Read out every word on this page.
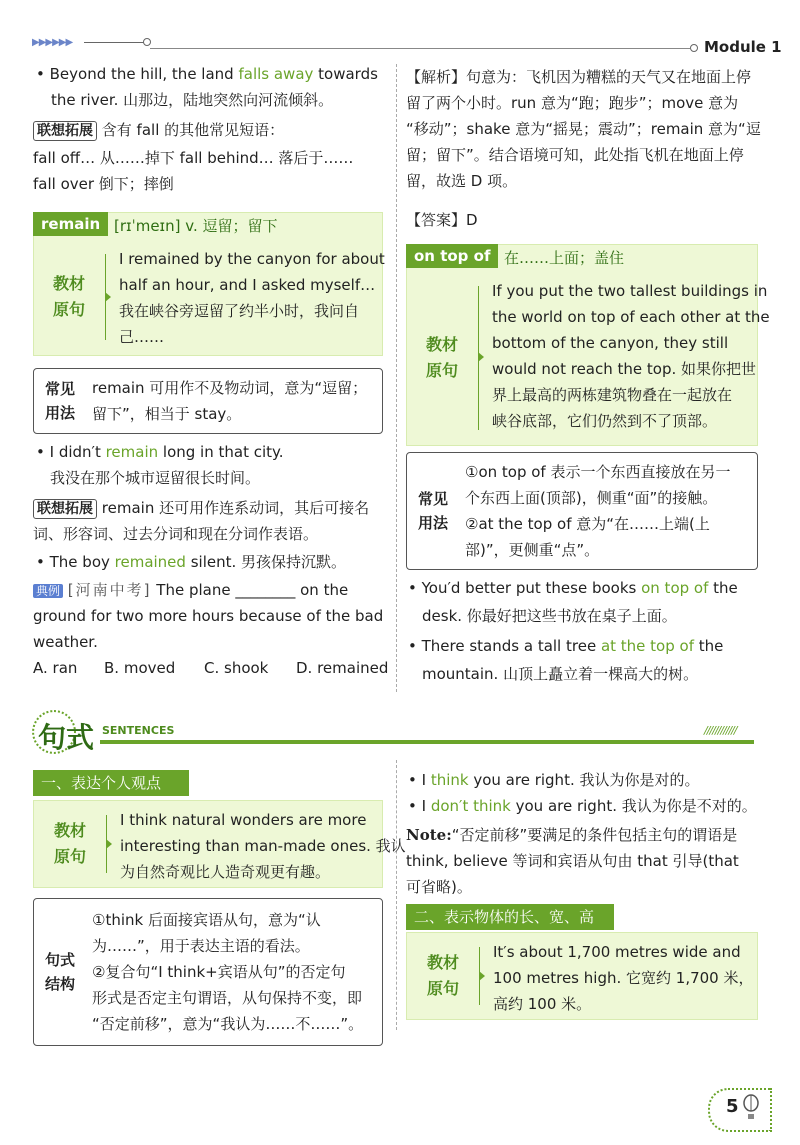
▶▶▶▶▶▶	Module 1
• Beyond the hill, the land falls away towards
the river. 山那边，陆地突然向河流倾斜。
联想拓展 含有 fall 的其他常见短语：
fall off… 从……掉下 fall behind… 落后于……
fall over 倒下；摔倒
remain [rɪˈmeɪn] v. 逗留；留下
教材
原句
I remained by the canyon for about
half an hour, and I asked myself…
我在峡谷旁逗留了约半小时，我问自
己……
常见
用法
remain 可用作不及物动词，意为“逗留；
留下”，相当于 stay。
• I didn′t remain long in that city.
我没在那个城市逗留很长时间。
联想拓展 remain 还可用作连系动词，其后可接名
词、形容词、过去分词和现在分词作表语。
• The boy remained silent. 男孩保持沉默。
典例 [河南中考] The plane ________ on the
ground for two more hours because of the bad
weather.
A. ran B. moved C. shook D. remained
【解析】句意为：飞机因为糟糕的天气又在地面上停
留了两个小时。run 意为“跑；跑步”；move 意为
“移动”；shake 意为“摇晃；震动”；remain 意为“逗
留；留下”。结合语境可知，此处指飞机在地面上停
留，故选 D 项。
【答案】D
on top of 在……上面；盖住
教材
原句
If you put the two tallest buildings in
the world on top of each other at the
bottom of the canyon, they still
would not reach the top. 如果你把世
界上最高的两栋建筑物叠在一起放在
峡谷底部，它们仍然到不了顶部。
常见
用法
①on top of 表示一个东西直接放在另一
个东西上面(顶部)，侧重“面”的接触。
②at the top of 意为“在……上端(上
部)”，更侧重“点”。
• You′d better put these books on top of the
desk. 你最好把这些书放在桌子上面。
• There stands a tall tree at the top of the
mountain. 山顶上矗立着一棵高大的树。
句式 SENTENCES	////////////
一、表达个人观点
教材
原句
I think natural wonders are more
interesting than man-made ones. 我认
为自然奇观比人造奇观更有趣。
句式
结构
①think 后面接宾语从句，意为“认
为……”，用于表达主语的看法。
②复合句“I think+宾语从句”的否定句
形式是否定主句谓语，从句保持不变，即
“否定前移”，意为“我认为……不……”。
• I think you are right. 我认为你是对的。
• I don′t think you are right. 我认为你是不对的。
Note:“否定前移”要满足的条件包括主句的谓语是
think, believe 等词和宾语从句由 that 引导(that
可省略)。
二、表示物体的长、宽、高
教材
原句
It′s about 1,700 metres wide and
100 metres high. 它宽约 1,700 米，
高约 100 米。
5
